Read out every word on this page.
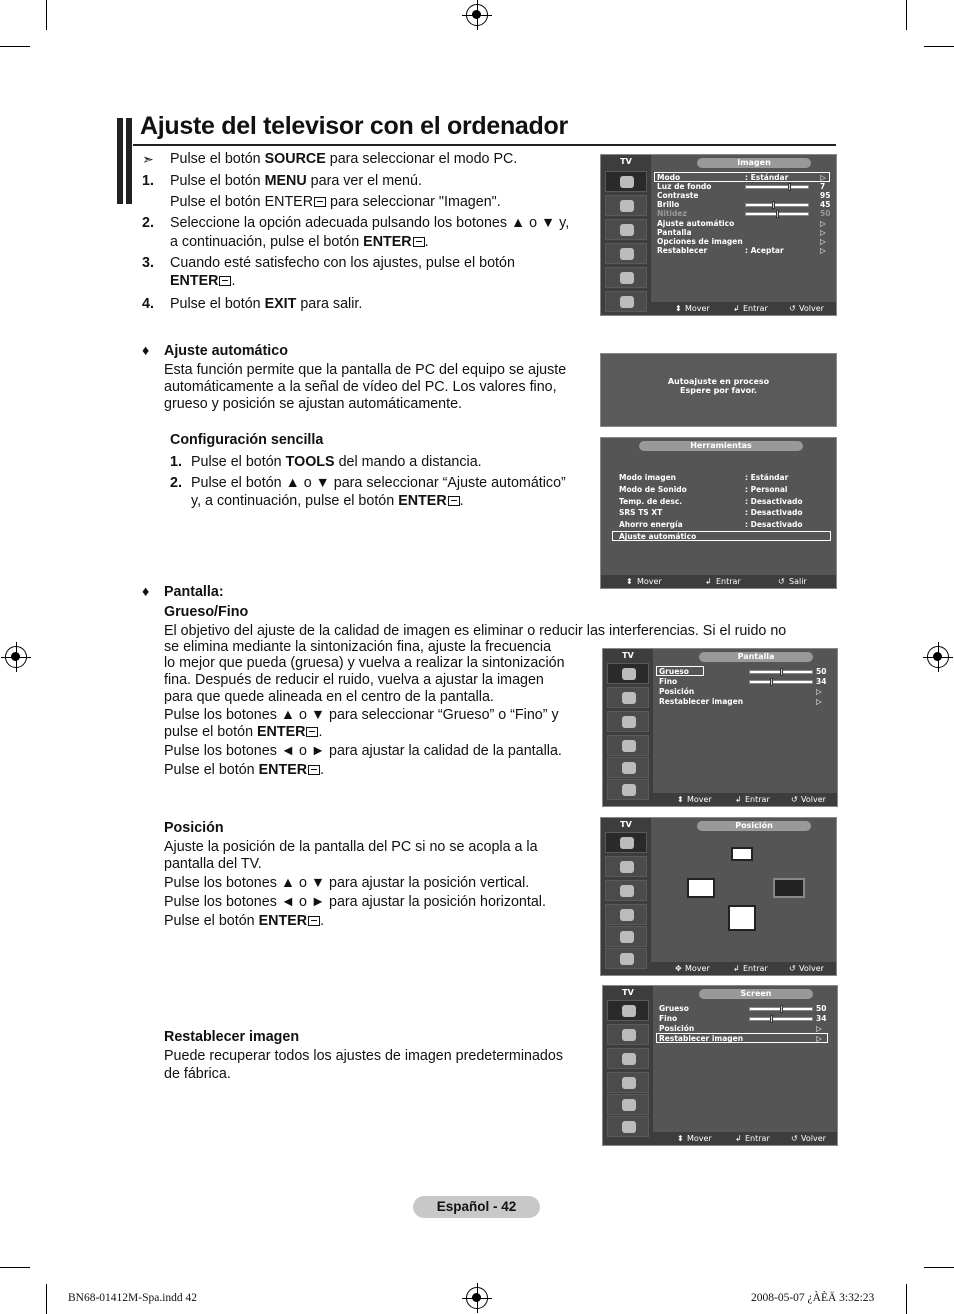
Ajuste del televisor con el ordenador
➣ Pulse el botón SOURCE para seleccionar el modo PC.
1. Pulse el botón MENU para ver el menú.
Pulse el botón ENTER para seleccionar "Imagen".
2. Seleccione la opción adecuada pulsando los botones ▲ o ▼ y,
a continuación, pulse el botón ENTER .
3. Cuando esté satisfecho con los ajustes, pulse el botón
ENTER .
4. Pulse el botón EXIT para salir.
♦ Ajuste automático
Esta función permite que la pantalla de PC del equipo se ajuste
automáticamente a la señal de vídeo del PC. Los valores fino,
grueso y posición se ajustan automáticamente.
Configuración sencilla
1. Pulse el botón TOOLS del mando a distancia.
2. Pulse el botón ▲ o ▼ para seleccionar “Ajuste automático”
y, a continuación, pulse el botón ENTER .
♦ Pantalla:
Grueso/Fino
El objetivo del ajuste de la calidad de imagen es eliminar o reducir las interferencias. Si el ruido no
se elimina mediante la sintonización fina, ajuste la frecuencia
lo mejor que pueda (gruesa) y vuelva a realizar la sintonización
fina. Después de reducir el ruido, vuelva a ajustar la imagen
para que quede alineada en el centro de la pantalla.
Pulse los botones ▲ o ▼ para seleccionar “Grueso” o “Fino” y
pulse el botón ENTER .
Pulse los botones ◄ o ► para ajustar la calidad de la pantalla.
Pulse el botón ENTER .
Posición
Ajuste la posición de la pantalla del PC si no se acopla a la
pantalla del TV.
Pulse los botones ▲ o ▼ para ajustar la posición vertical.
Pulse los botones ◄ o ► para ajustar la posición horizontal.
Pulse el botón ENTER .
Restablecer imagen
Puede recuperar todos los ajustes de imagen predeterminados
de fábrica.
TV	Imagen
Modo	: Estándar	▷
Luz de fondo	7
Contraste	95
Brillo	45
Nitidez	50
Ajuste automático	▷
Pantalla	▷
Opciones de imagen	▷
Restablecer	: Aceptar	▷
⬍ Mover	↲ Entrar	↺ Volver
Autoajuste en proceso
Espere por favor.
Herramientas
Modo imagen	: Estándar
Modo de Sonido	: Personal
Temp. de desc.	: Desactivado
SRS TS XT	: Desactivado
Ahorro energía	: Desactivado
Ajuste automático
⬍ Mover	↲ Entrar	↺ Salir
TV	Pantalla
Grueso	50
Fino	34
Posición	▷
Restablecer imagen	▷
⬍ Mover	↲ Entrar	↺ Volver
TV	Posición
✥ Mover	↲ Entrar	↺ Volver
TV	Screen
Grueso	50
Fino	34
Posición	▷
Restablecer imagen	▷
⬍ Mover	↲ Entrar	↺ Volver
Español - 42
BN68-01412M-Spa.indd 42	2008-05-07 ¿ÀÈÄ 3:32:23
